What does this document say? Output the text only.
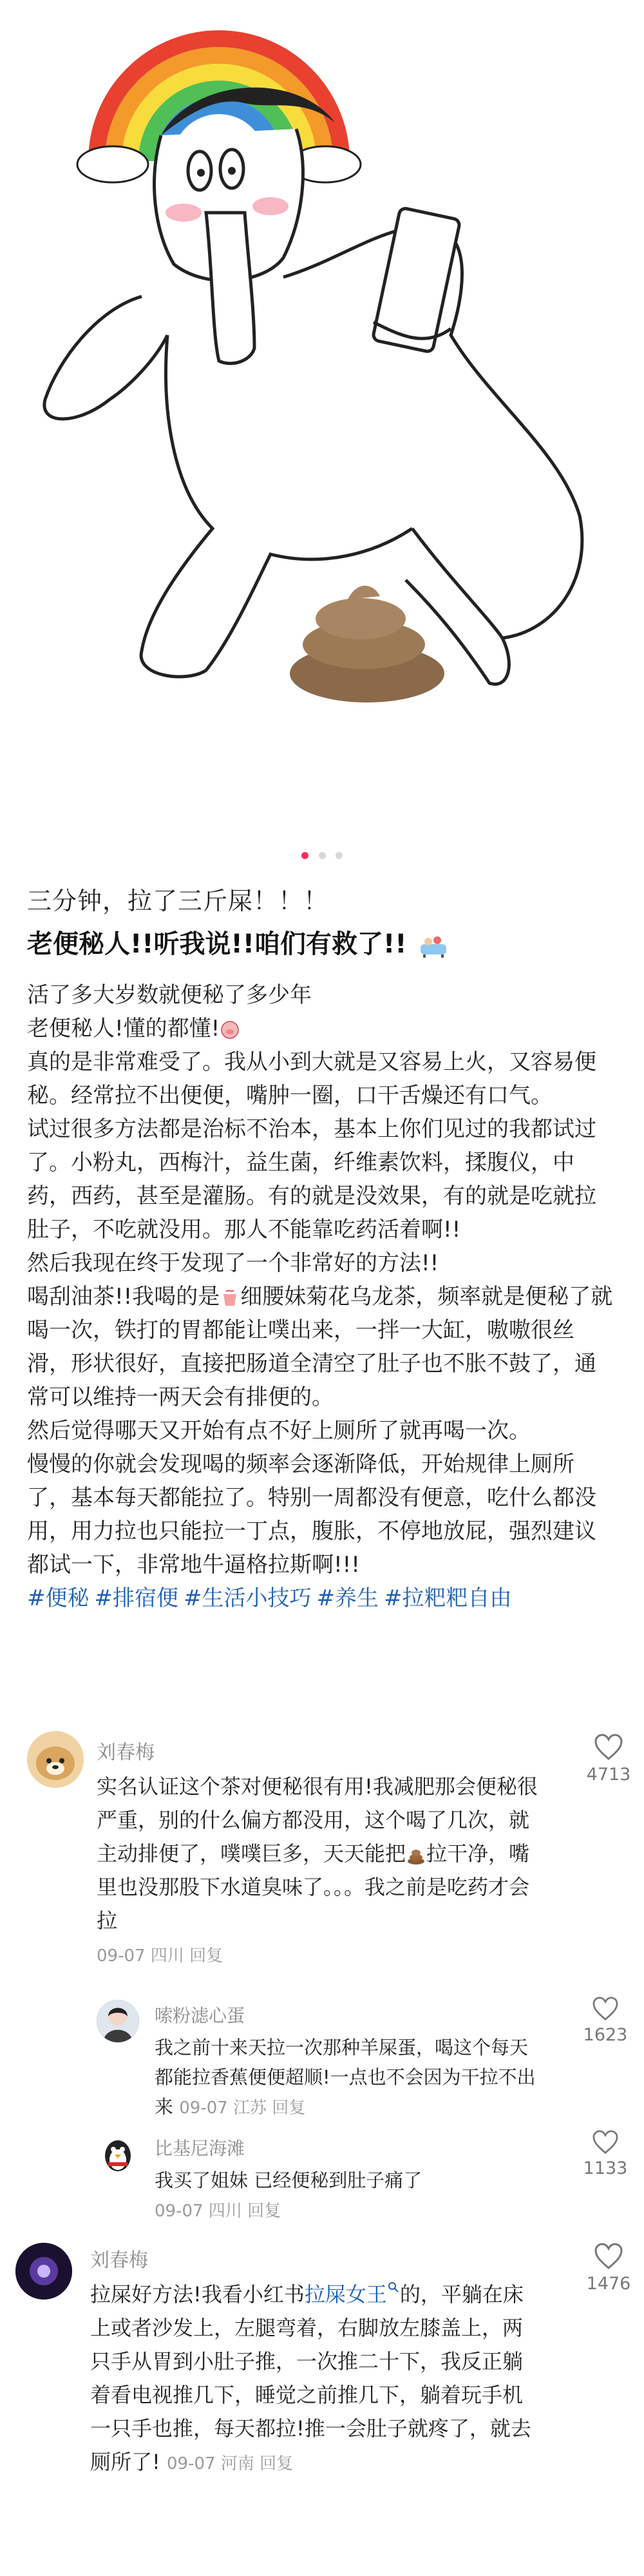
三分钟，拉了三斤屎！！！
老便秘人!!听我说!!咱们有救了!!

活了多大岁数就便秘了多少年

老便秘人!懂的都懂!

真的是非常难受了。我从小到大就是又容易上火，又容易便秘。经常拉不出便便，嘴肿一圈，口干舌燥还有口气。

试过很多方法都是治标不治本，基本上你们见过的我都试过了。小粉丸，西梅汁，益生菌，纤维素饮料，揉腹仪，中药，西药，甚至是灌肠。有的就是没效果，有的就是吃就拉肚子，不吃就没用。那人不能靠吃药活着啊!!

然后我现在终于发现了一个非常好的方法!!

喝刮油茶!!我喝的是 细腰妹菊花乌龙茶，频率就是便秘了就喝一次，铁打的胃都能让噗出来，一拌一大缸，嗷嗷很丝滑，形状很好，直接把肠道全清空了肚子也不胀不鼓了，通常可以维持一两天会有排便的。

然后觉得哪天又开始有点不好上厕所了就再喝一次。

慢慢的你就会发现喝的频率会逐渐降低，开始规律上厕所了，基本每天都能拉了。特别一周都没有便意，吃什么都没用，用力拉也只能拉一丁点，腹胀，不停地放屁，强烈建议都试一下，非常地牛逼格拉斯啊!!!

#便秘 #排宿便 #生活小技巧 #养生 #拉粑粑自由
刘春梅
实名认证这个茶对便秘很有用!我减肥那会便秘很严重，别的什么偏方都没用，这个喝了几次，就主动排便了，噗噗巨多，天天能把 拉干净，嘴里也没那股下水道臭味了。。。我之前是吃药才会拉
09-07 四川 回复
4713
嗦粉滤心蛋
我之前十来天拉一次那种羊屎蛋，喝这个每天都能拉香蕉便便超顺!一点也不会因为干拉不出来 09-07 江苏 回复
1623
比基尼海滩
我买了姐妹 已经便秘到肚子痛了
09-07 四川 回复
1133
刘春梅
拉屎好方法!我看小红书拉屎女王 的，平躺在床上或者沙发上，左腿弯着，右脚放左膝盖上，两只手从胃到小肚子推，一次推二十下，我反正躺着看电视推几下，睡觉之前推几下，躺着玩手机一只手也推，每天都拉!推一会肚子就疼了，就去厕所了! 09-07 河南 回复
1476
